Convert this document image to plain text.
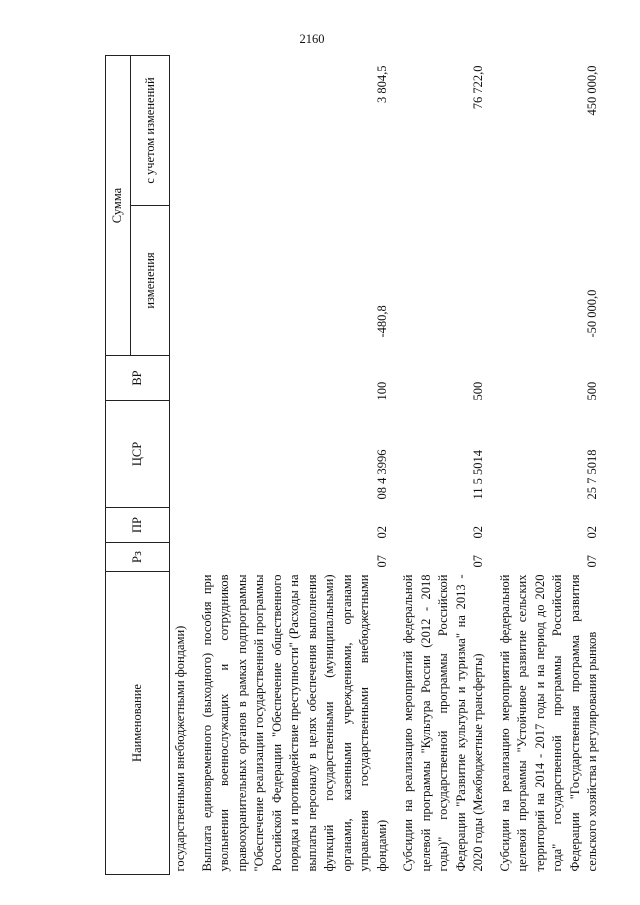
2160
Наименование	Рз	ПР	ЦСР	ВР	Сумма	
					изменения	с учетом изменений
государственными внебюджетными фондами)						
Выплата единовременного (выходного) пособия при увольнении военнослужащих и сотрудников правоохранительных органов в рамках подпрограммы "Обеспечение реализации государственной программы Российской Федерации "Обеспечение общественного порядка и противодействие преступности" (Расходы на выплаты персоналу в целях обеспечения выполнения функций государственными (муниципальными) органами, казенными учреждениями, органами управления государственными внебюджетными фондами)	07	02	08 4 3996	100	-480,8	3 804,5
Субсидии на реализацию мероприятий федеральной целевой программы "Культура России (2012 - 2018 годы)" государственной программы Российской Федерации "Развитие культуры и туризма" на 2013 - 2020 годы (Межбюджетные трансферты)	07	02	11 5 5014	500		76 722,0
Субсидии на реализацию мероприятий федеральной целевой программы "Устойчивое развитие сельских территорий на 2014 - 2017 годы и на период до 2020 года" государственной программы Российской Федерации "Государственная программа развития сельского хозяйства и регулирования рынков	07	02	25 7 5018	500	-50 000,0	450 000,0
